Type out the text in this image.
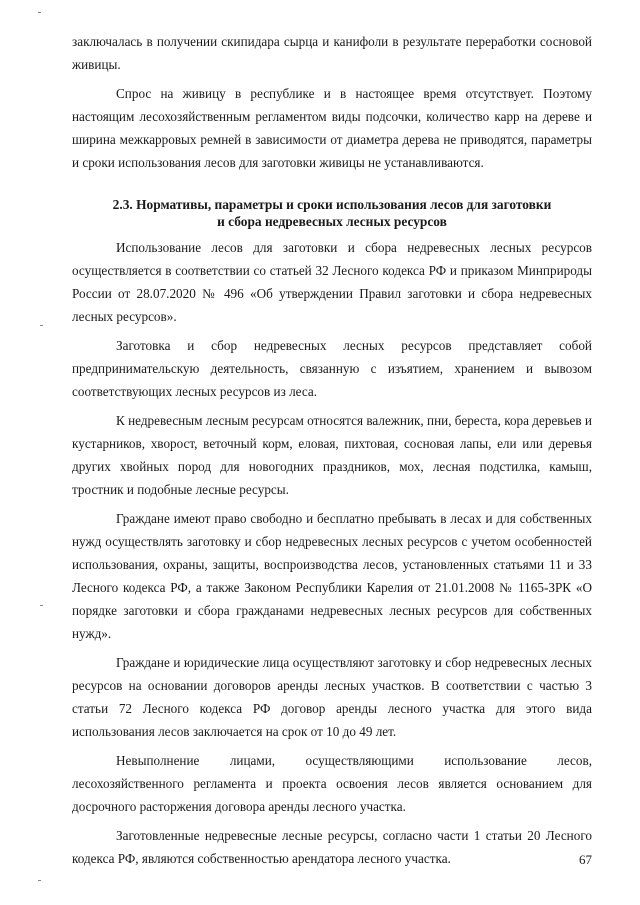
заключалась в получении скипидара сырца и канифоли в результате переработки сосновой живицы.

Спрос на живицу в республике и в настоящее время отсутствует. Поэтому настоящим лесохозяйственным регламентом виды подсочки, количество карр на дереве и ширина межкарровых ремней в зависимости от диаметра дерева не приводятся, параметры и сроки использования лесов для заготовки живицы не устанавливаются.

2.3. Нормативы, параметры и сроки использования лесов для заготовки
и сбора недревесных лесных ресурсов

Использование лесов для заготовки и сбора недревесных лесных ресурсов осуществляется в соответствии со статьей 32 Лесного кодекса РФ и приказом Минприроды России от 28.07.2020 № 496 «Об утверждении Правил заготовки и сбора недревесных лесных ресурсов».

Заготовка и сбор недревесных лесных ресурсов представляет собой предпринимательскую деятельность, связанную с изъятием, хранением и вывозом соответствующих лесных ресурсов из леса.

К недревесным лесным ресурсам относятся валежник, пни, береста, кора деревьев и кустарников, хворост, веточный корм, еловая, пихтовая, сосновая лапы, ели или деревья других хвойных пород для новогодних праздников, мох, лесная подстилка, камыш, тростник и подобные лесные ресурсы.

Граждане имеют право свободно и бесплатно пребывать в лесах и для собственных нужд осуществлять заготовку и сбор недревесных лесных ресурсов с учетом особенностей использования, охраны, защиты, воспроизводства лесов, установленных статьями 11 и 33 Лесного кодекса РФ, а также Законом Республики Карелия от 21.01.2008 № 1165-ЗРК «О порядке заготовки и сбора гражданами недревесных лесных ресурсов для собственных нужд».

Граждане и юридические лица осуществляют заготовку и сбор недревесных лесных ресурсов на основании договоров аренды лесных участков. В соответствии с частью 3 статьи 72 Лесного кодекса РФ договор аренды лесного участка для этого вида использования лесов заключается на срок от 10 до 49 лет.

Невыполнение лицами, осуществляющими использование лесов, лесохозяйственного регламента и проекта освоения лесов является основанием для досрочного расторжения договора аренды лесного участка.

Заготовленные недревесные лесные ресурсы, согласно части 1 статьи 20 Лесного кодекса РФ, являются собственностью арендатора лесного участка.	67
